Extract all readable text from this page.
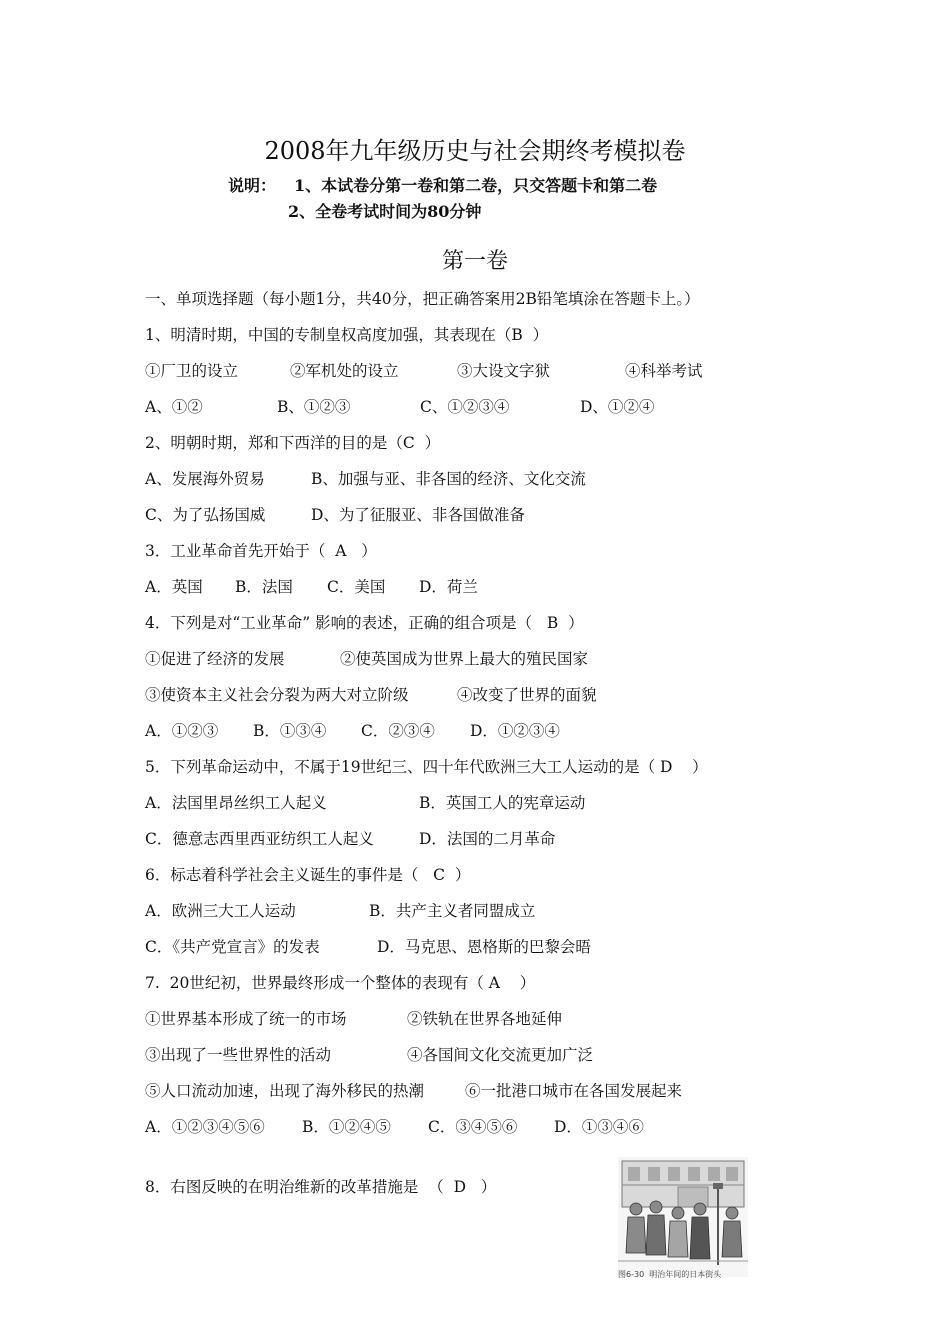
2008年九年级历史与社会期终考模拟卷
说明： 1、本试卷分第一卷和第二卷，只交答题卡和第二卷
2、全卷考试时间为80分钟
第一卷
一、单项选择题（每小题1分，共40分，把正确答案用2B铅笔填涂在答题卡上。）
1、明清时期，中国的专制皇权高度加强，其表现在（B  ）
①厂卫的设立	②军机处的设立	③大设文字狱	④科举考试
A、①②	B、①②③	C、①②③④	D、①②④
2、明朝时期，郑和下西洋的目的是（C  ）
A、发展海外贸易	B、加强与亚、非各国的经济、文化交流
C、为了弘扬国威	D、为了征服亚、非各国做准备
3．工业革命首先开始于（  A   ）
A．英国 B．法国 C．美国 D．荷兰
4．下列是对“工业革命” 影响的表述，正确的组合项是（   B  ）
①促进了经济的发展	②使英国成为世界上最大的殖民国家
③使资本主义社会分裂为两大对立阶级	④改变了世界的面貌
A．①②③ B．①③④ C．②③④ D．①②③④
5．下列革命运动中，不属于19世纪三、四十年代欧洲三大工人运动的是（ D    ）
A．法国里昂丝织工人起义	B．英国工人的宪章运动
C．德意志西里西亚纺织工人起义	D．法国的二月革命
6．标志着科学社会主义诞生的事件是（   C  ）
A．欧洲三大工人运动	B．共产主义者同盟成立
C．《共产党宣言》的发表	D．马克思、恩格斯的巴黎会晤
7.  20世纪初，世界最终形成一个整体的表现有（ A    ）
①世界基本形成了统一的市场	②铁轨在世界各地延伸
③出现了一些世界性的活动	④各国间文化交流更加广泛
⑤人口流动加速，出现了海外移民的热潮	⑥一批港口城市在各国发展起来
A．①②③④⑤⑥ B．①②④⑤ C．③④⑤⑥ D．①③④⑥
8．右图反映的在明治维新的改革措施是  （  D   ）
图6-30  明治年间的日本街头
